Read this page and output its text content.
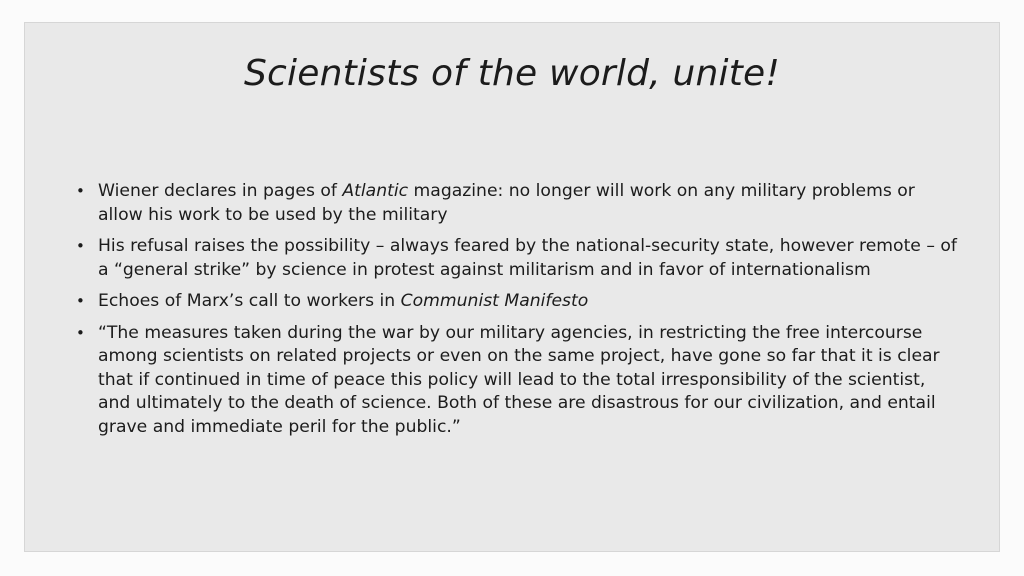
Scientists of the world, unite!
• Wiener declares in pages of Atlantic magazine: no longer will work on any military problems or allow his work to be used by the military
• His refusal raises the possibility – always feared by the national-security state, however remote – of a “general strike” by science in protest against militarism and in favor of internationalism
• Echoes of Marx’s call to workers in Communist Manifesto
• “The measures taken during the war by our military agencies, in restricting the free intercourse among scientists on related projects or even on the same project, have gone so far that it is clear that if continued in time of peace this policy will lead to the total irresponsibility of the scientist, and ultimately to the death of science. Both of these are disastrous for our civilization, and entail grave and immediate peril for the public.”
